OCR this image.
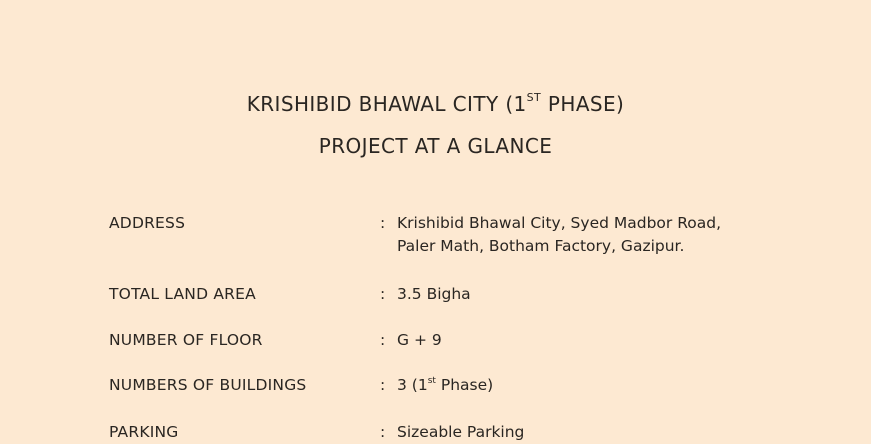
KRISHIBID BHAWAL CITY (1ST PHASE)
PROJECT AT A GLANCE
ADDRESS	: Krishibid Bhawal City, Syed Madbor Road,
Paler Math, Botham Factory, Gazipur.
TOTAL LAND AREA	: 3.5 Bigha
NUMBER OF FLOOR	: G + 9
NUMBERS OF BUILDINGS	: 3 (1st Phase)
PARKING	: Sizeable Parking
